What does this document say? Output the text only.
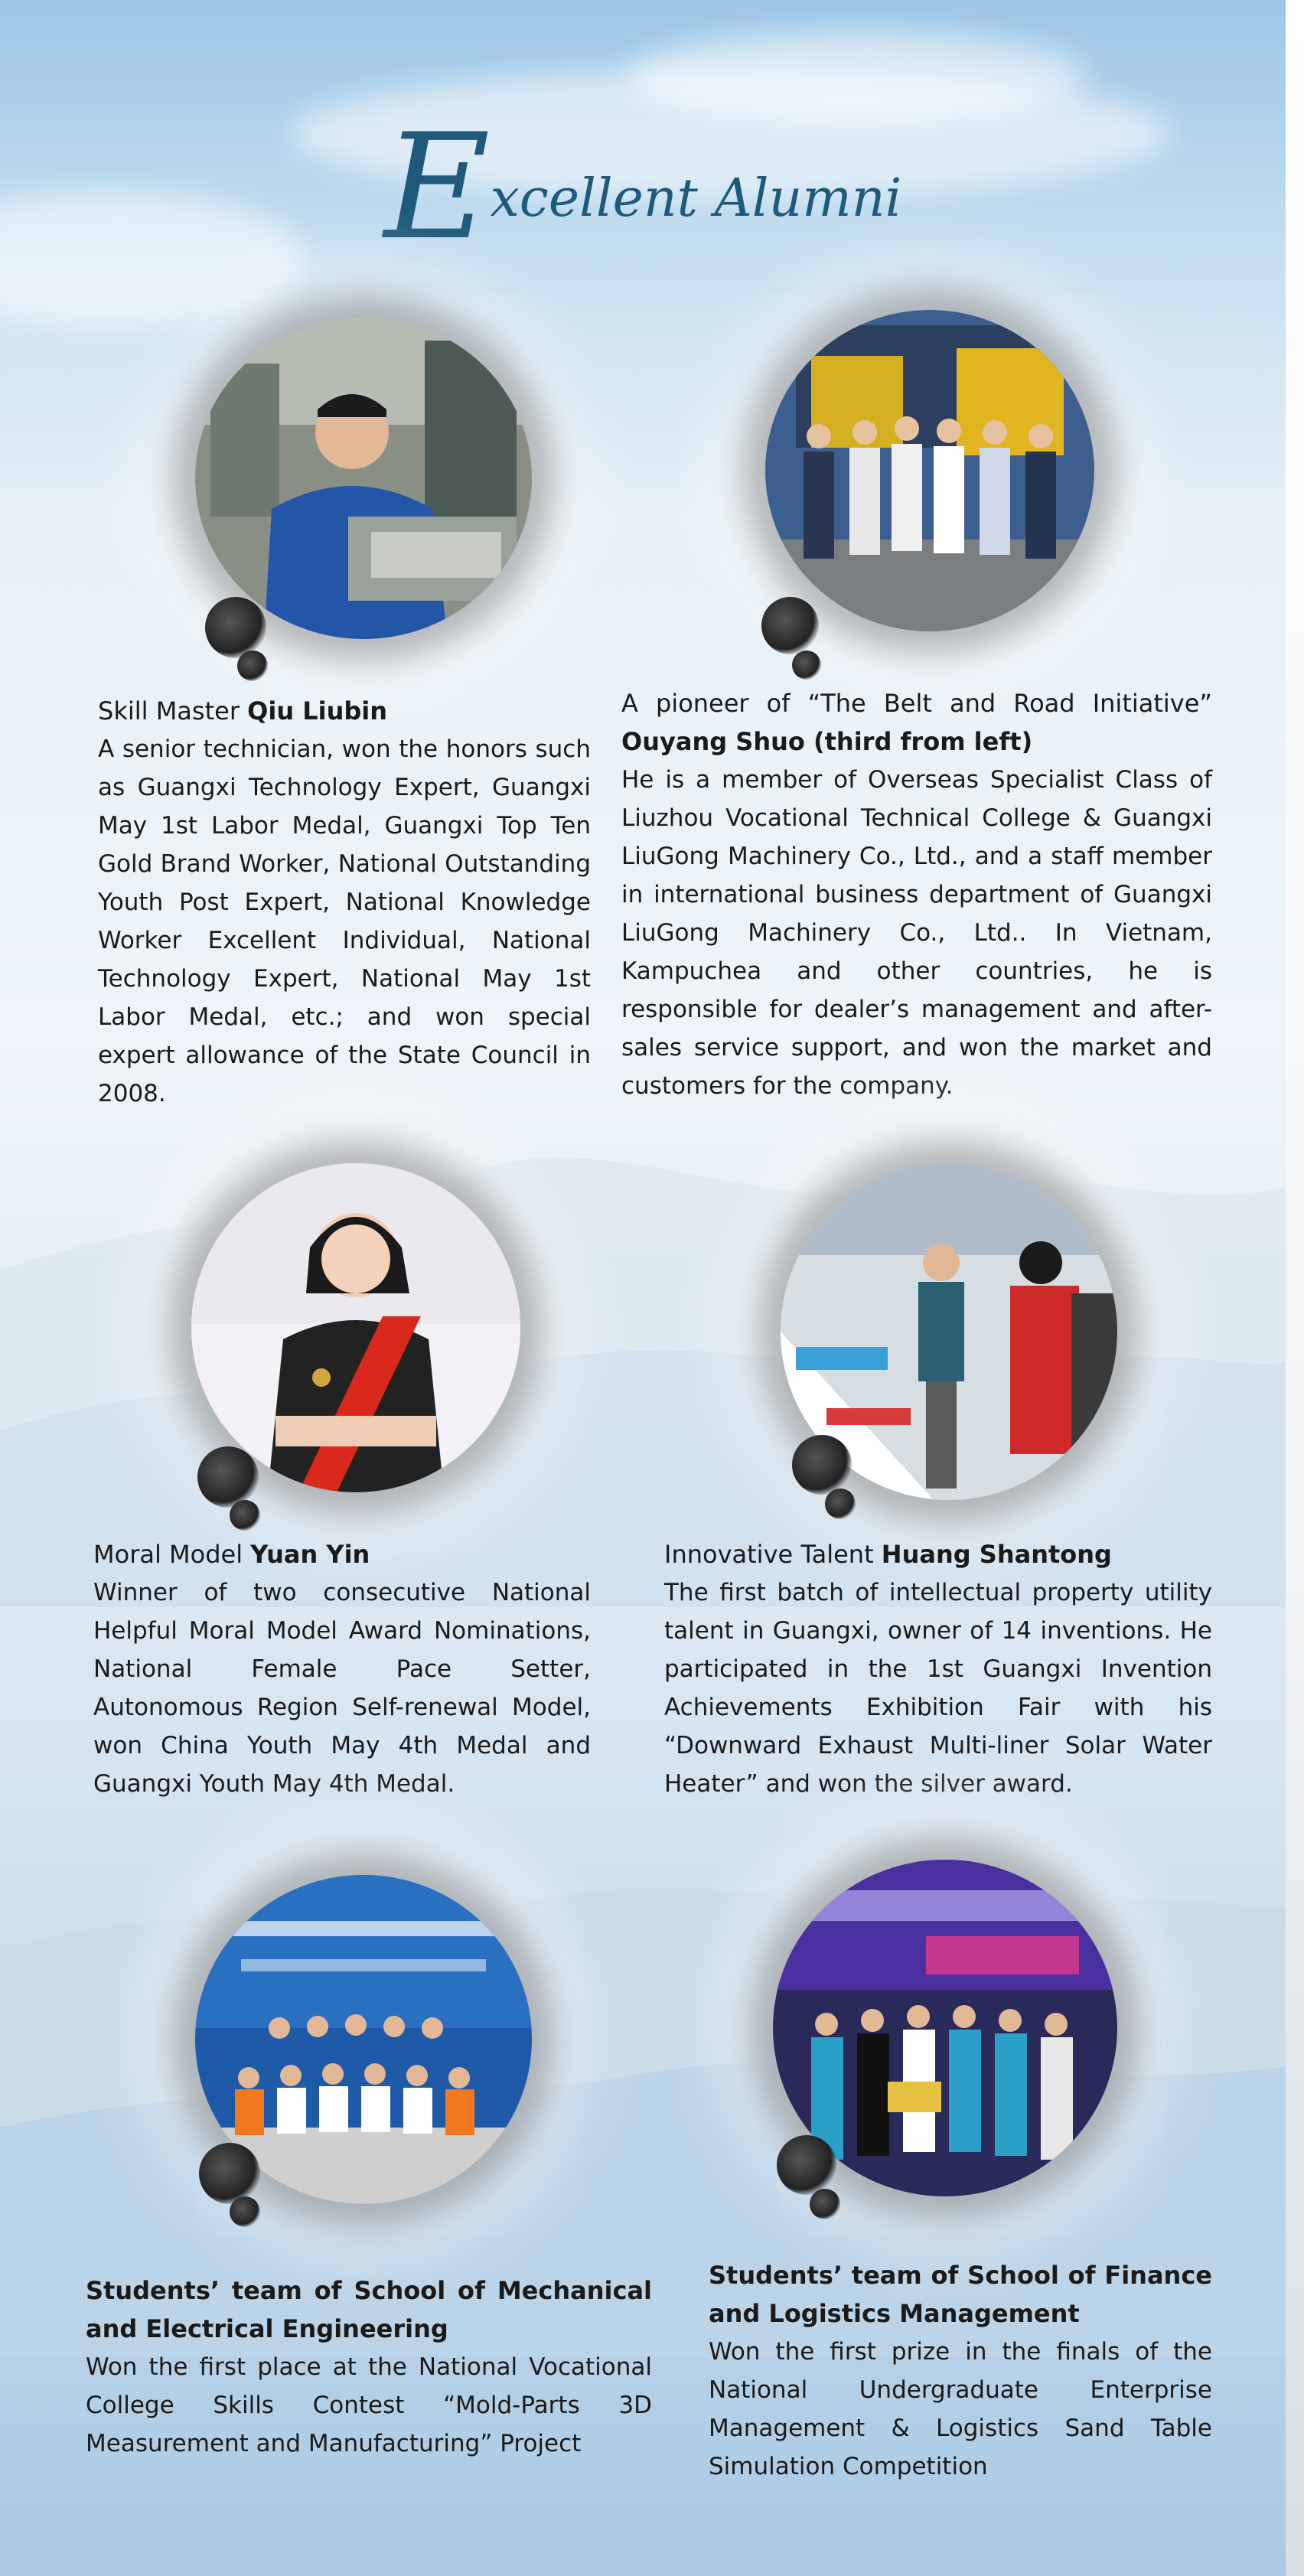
Excellent Alumni
Skill Master Qiu Liubin
A senior technician, won the honors such as Guangxi Technology Expert, Guangxi May 1st Labor Medal, Guangxi Top Ten Gold Brand Worker, National Outstanding Youth Post Expert, National Knowledge Worker Excellent Individual, National Technology Expert, National May 1st Labor Medal, etc.; and won special expert allowance of the State Council in 2008.
A pioneer of “The Belt and Road Initiative” Ouyang Shuo (third from left)
He is a member of Overseas Specialist Class of Liuzhou Vocational Technical College & Guangxi LiuGong Machinery Co., Ltd., and a staff member in international business department of Guangxi LiuGong Machinery Co., Ltd.. In Vietnam, Kampuchea and other countries, he is responsible for dealer’s management and after-sales service support, and won the market and customers for the company.
Moral Model Yuan Yin
Winner of two consecutive National Helpful Moral Model Award Nominations, National Female Pace Setter, Autonomous Region Self-renewal Model, won China Youth May 4th Medal and Guangxi Youth May 4th Medal.
Innovative Talent Huang Shantong
The first batch of intellectual property utility talent in Guangxi, owner of 14 inventions. He participated in the 1st Guangxi Invention Achievements Exhibition Fair with his “Downward Exhaust Multi-liner Solar Water Heater” and won the silver award.
Students’ team of School of Mechanical and Electrical Engineering
Won the first place at the National Vocational College Skills Contest “Mold-Parts 3D Measurement and Manufacturing” Project
Students’ team of School of Finance and Logistics Management
Won the first prize in the finals of the National Undergraduate Enterprise Management & Logistics Sand Table Simulation Competition
